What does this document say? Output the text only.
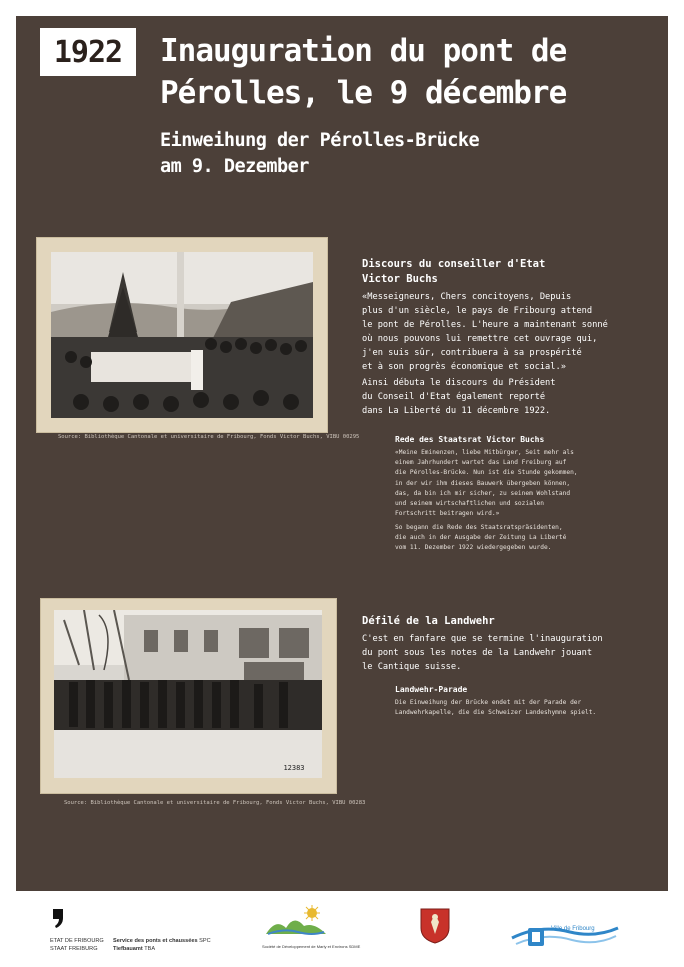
1922 Inauguration du pont de
Pérolles, le 9 décembre
Einweihung der Pérolles-Brücke
am 9. Dezember
Source: Bibliothèque Cantonale et universitaire de Fribourg, Fonds Victor Buchs, VIBU 00295
Discours du conseiller d'Etat
Victor Buchs
«Messeigneurs, Chers concitoyens, Depuis
plus d'un siècle, le pays de Fribourg attend
le pont de Pérolles. L'heure a maintenant sonné
où nous pouvons lui remettre cet ouvrage qui,
j'en suis sûr, contribuera à sa prospérité
et à son progrès économique et social.»
Ainsi débuta le discours du Président
du Conseil d'Etat également reporté
dans La Liberté du 11 décembre 1922.
Rede des Staatsrat Victor Buchs
«Meine Eminenzen, liebe Mitbürger, Seit mehr als
einem Jahrhundert wartet das Land Freiburg auf
die Pérolles-Brücke. Nun ist die Stunde gekommen,
in der wir ihm dieses Bauwerk übergeben können,
das, da bin ich mir sicher, zu seinem Wohlstand
und seinem wirtschaftlichen und sozialen
Fortschritt beitragen wird.»
So begann die Rede des Staatsratspräsidenten,
die auch in der Ausgabe der Zeitung La Liberté
vom 11. Dezember 1922 wiedergegeben wurde.
12383
Source: Bibliothèque Cantonale et universitaire de Fribourg, Fonds Victor Buchs, VIBU 00283
Défilé de la Landwehr
C'est en fanfare que se termine l'inauguration
du pont sous les notes de la Landwehr jouant
le Cantique suisse.
Landwehr-Parade
Die Einweihung der Brücke endet mit der Parade der
Landwehrkapelle, die die Schweizer Landeshymne spielt.
ETAT DE FRIBOURG
STAAT FREIBURG
Service des ponts et chaussées SPC
Tiefbauamt TBA	Société de Développement de Marly et Environs SDME
Ville de Fribourg
